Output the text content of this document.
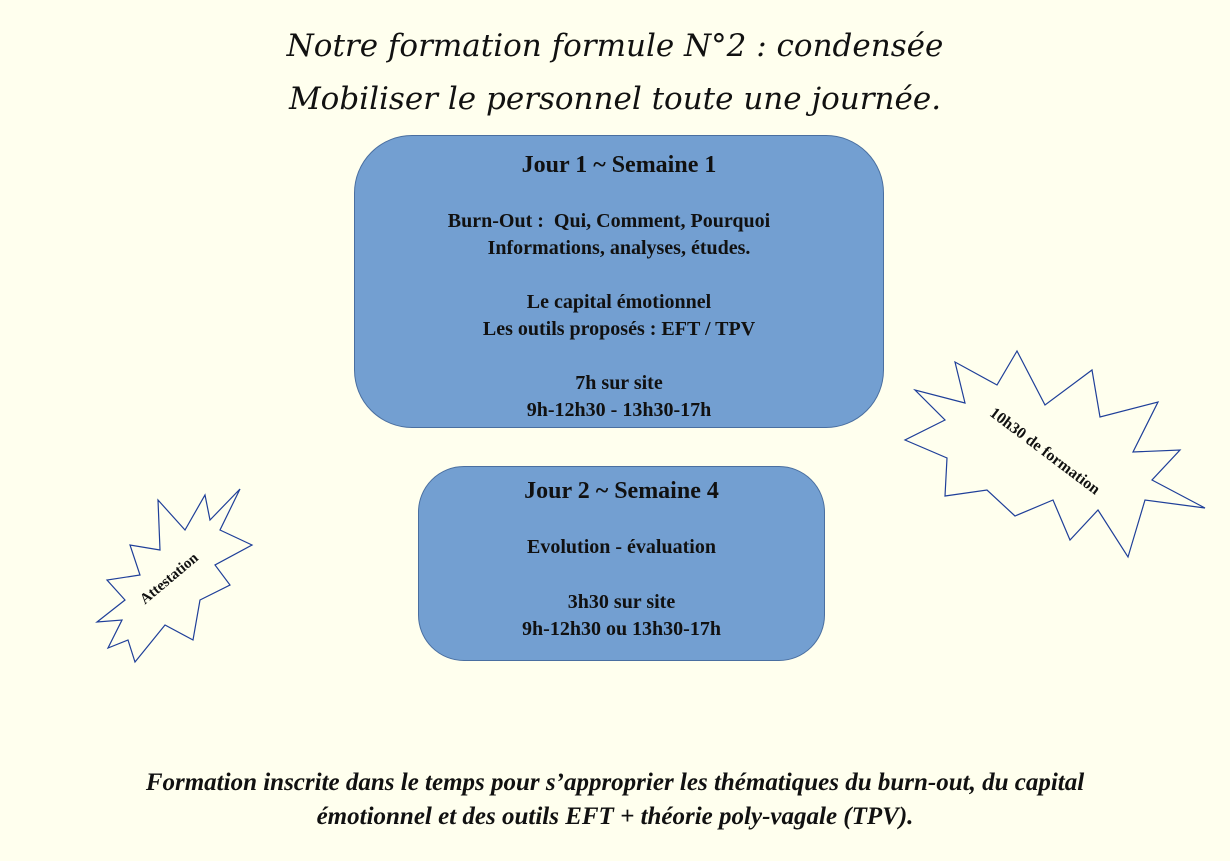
Notre formation formule N°2 : condensée
Mobiliser le personnel toute une journée.
Jour 1 ~ Semaine 1
Burn-Out :  Qui, Comment, Pourquoi
Informations, analyses, études.
Le capital émotionnel
Les outils proposés : EFT / TPV
7h sur site
9h-12h30 - 13h30-17h
Jour 2 ~ Semaine 4
Evolution - évaluation
3h30 sur site
9h-12h30 ou 13h30-17h
10h30 de formation
Attestation
Formation inscrite dans le temps pour s’approprier les thématiques du burn-out, du capital
émotionnel et des outils EFT + théorie poly-vagale (TPV).
